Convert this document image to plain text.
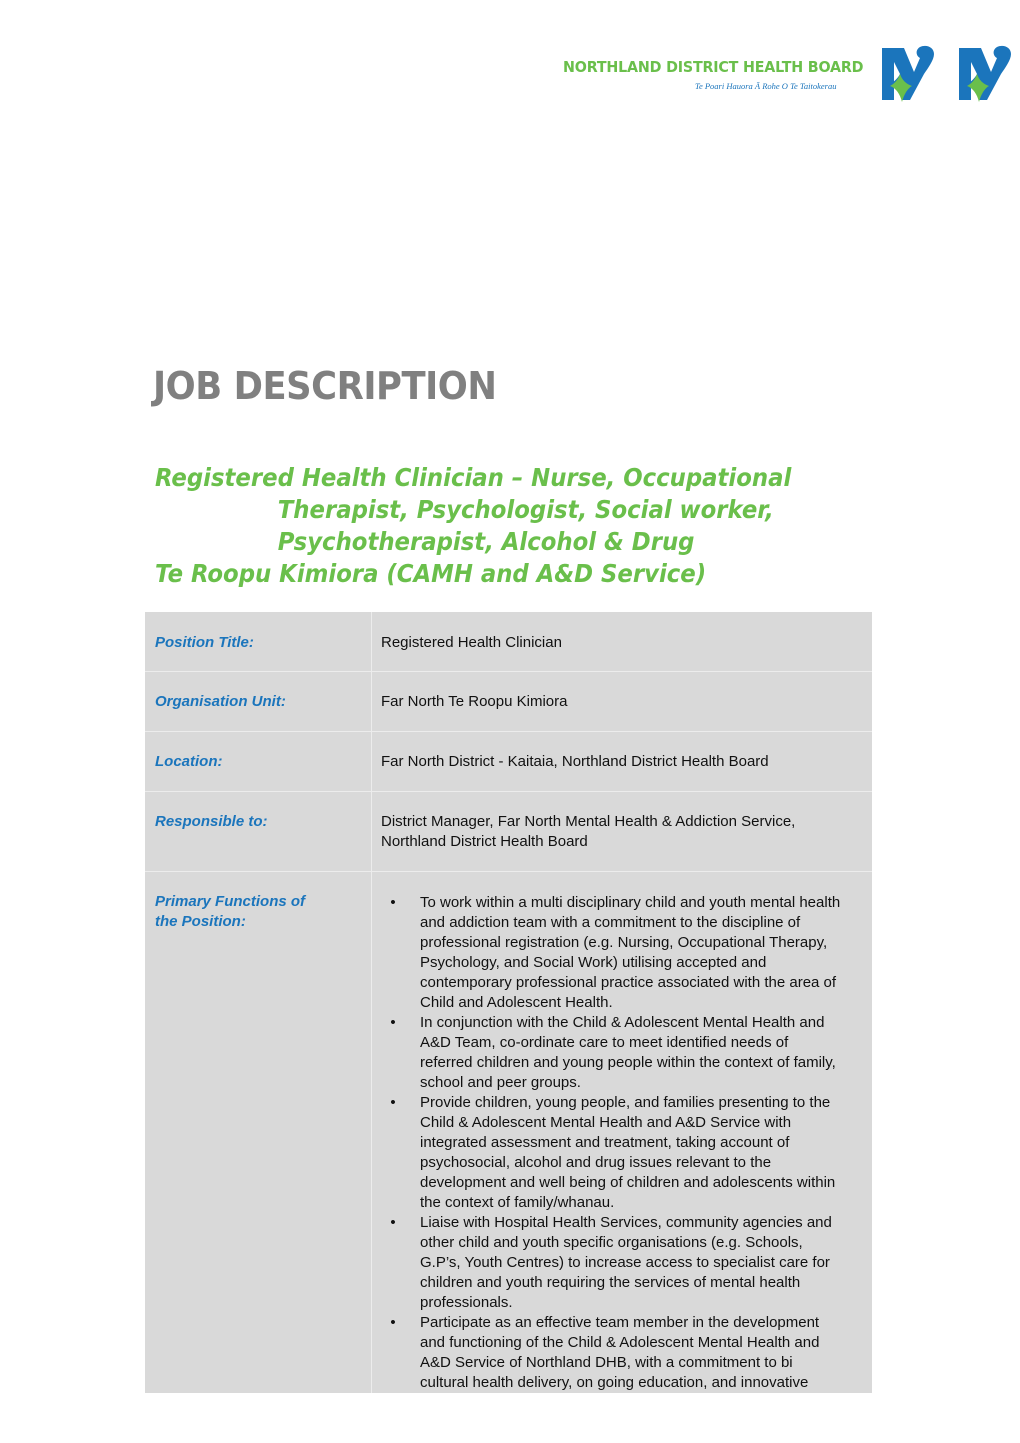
NORTHLAND DISTRICT HEALTH BOARD
Te Poari Hauora Ā Rohe O Te Taitokerau
JOB DESCRIPTION
Registered Health Clinician – Nurse, Occupational
Therapist, Psychologist, Social worker,
Psychotherapist, Alcohol & Drug
Te Roopu Kimiora (CAMH and A&D Service)
Position Title:	Registered Health Clinician
Organisation Unit:	Far North Te Roopu Kimiora
Location:	Far North District - Kaitaia, Northland District Health Board
Responsible to:	District Manager, Far North Mental Health & Addiction Service,
Northland District Health Board

Primary Functions of
the Position:

• To work within a multi disciplinary child and youth mental health and addiction team with a commitment to the discipline of professional registration (e.g. Nursing, Occupational Therapy, Psychology, and Social Work) utilising accepted and contemporary professional practice associated with the area of Child and Adolescent Health.
• In conjunction with the Child & Adolescent Mental Health and A&D Team, co-ordinate care to meet identified needs of referred children and young people within the context of family, school and peer groups.
• Provide children, young people, and families presenting to the Child & Adolescent Mental Health and A&D Service with integrated assessment and treatment, taking account of psychosocial, alcohol and drug issues relevant to the development and well being of children and adolescents within the context of family/whanau.
• Liaise with Hospital Health Services, community agencies and other child and youth specific organisations (e.g. Schools, G.P’s, Youth Centres) to increase access to specialist care for children and youth requiring the services of mental health professionals.
• Participate as an effective team member in the development and functioning of the Child & Adolescent Mental Health and A&D Service of Northland DHB, with a commitment to bi cultural health delivery, on going education, and innovative
